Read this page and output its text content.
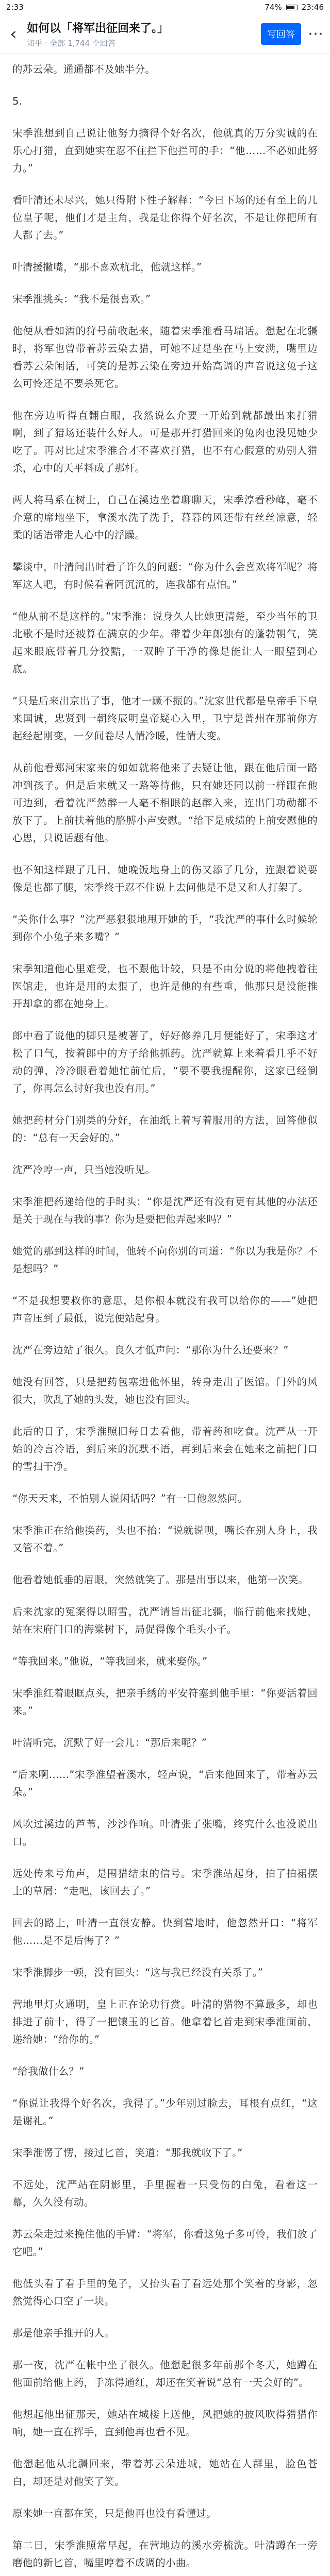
2:33	74%	23:46
‹ 如何以「将军出征回来了。」
知乎 · 全部 1,744 个回答
写回答 ⋯

的苏云朵。通通都不及她半分。

5.

宋季淮想到自己说让他努力摘得个好名次，他就真的万分实诚的在乐心打猎，直到她实在忍不住拦下他拦可的手：“他……不必如此努力。”

看叶清还未尽兴，她只得附下性子解释：“今日下场的还有至上的几位皇子呢，他们才是主角，我是让你得个好名次，不是让你把所有人都了去。”

叶清援撇嘴，“那不喜欢杭北，他就这样。”

宋季淮挑头：“我不是很喜欢。”

他便从看如酒的狩号前收起来，随着宋季淮看马瑞话。想起在北疆时，将军也曾带着苏云染去猎，可她不过是坐在马上安满，嘴里边看苏云朵闲话，可笑的是苏云染在旁边开始高调的声音说这兔子这么可怜还是不要杀死它。

他在旁边听得直翻白眼，我然说么介要一开始到就都最出来打猎啊，到了猎场还装什么好人。可是那开打猎回来的兔肉也没见她少吃了。再对比过宋季淮合才不喜欢打猎，也不有心假意的劝别人猎杀，心中的天平料成了那杆。

两人将马系在树上，自己在溪边坐着聊聊天，宋季淳看秒峰，毫不介意的席地坐下，拿溪水洗了洗手，暮暮的风还带有丝丝凉意，轻柔的话语带走人心中的浮躁。

攀谈中，叶清问出时看了许久的问题：“你为什么会喜欢将军呢？将军这人吧，有时候看着阿沉沉的，连我都有点怕。”

“他从前不是这样的。”宋季淮：说身久人比她更清楚，至少当年的卫北歌不是时还被算在满京的少年。带着少年郎独有的蓬勃朝气，笑起来眼底带着几分狡黠，一双眸子干净的像是能让人一眼望到心底。

“只是后来出京出了事，他才一蹶不振的。”沈家世代都是皇帝手下皇来国诚，忠贤到一朝终辰明皇帝疑心入里，卫宁是普州在那前你方起经起刚变，一夕间卷尽人情冷暖，性情大变。

从前他看郑河宋家来的如如就将他来了去疑让他，跟在他后面一路冲到孩子。但是后来就又一路等待他，只有她还同以前一样跟在他可边到，看着沈严然醉一人毫不相眼的赵醉入来，连出门功勋都不放下了。上前扶着他的胳膊小声安慰。“给下是成绩的上前安慰他的心思，只说话题有他。

也不知这样跟了几日，她晚饭地身上的伤又添了几分，连跟着说要像是也都了腿，宋季终于忍不住说上去问他是不是又和人打架了。

“关你什么事？”沈严恶狠狠地甩开她的手，“我沈严的事什么时候轮到你个小兔子来多嘴？”

宋季知道他心里难受，也不跟他计较，只是不由分说的将他拽着往医馆走，也许是用的太狠了，也许是他的有些重，他那只是没能推开却拿的都在她身上。

郎中看了说他的脚只是被著了，好好修养几月便能好了，宋季这才松了口气，按着郎中的方子给他抓药。沈严就算上来着看几乎不好动的弹，冷冷眼看着她忙前忙后，“要不要我提醒你，这家已经倒了，你再怎么讨好我也没有用。”

她把药材分门别类的分好，在油纸上着写着服用的方法，回答他似的：“总有一天会好的。”

沈严冷哼一声，只当她没听见。

宋季淮把药递给他的手时头：“你是沈严还有没有更有其他的办法还是关于现在与我的事？你为是要把他弄起来吗？”

她觉的那到这样的时间，他转不向你别的司道：“你以为我是你？不是想吗？”

“不是我想要救你的意思，是你根本就没有我可以给你的——”她把声音压到了最低，说完便站起身。

沈严在旁边站了很久。良久才低声问：“那你为什么还要来？”

她没有回答，只是把药包塞进他怀里，转身走出了医馆。门外的风很大，吹乱了她的头发，她也没有回头。

此后的日子，宋季淮照旧每日去看他，带着药和吃食。沈严从一开始的冷言冷语，到后来的沉默不语，再到后来会在她来之前把门口的雪扫干净。

“你天天来，不怕别人说闲话吗？”有一日他忽然问。

宋季淮正在给他换药，头也不抬：“说就说呗，嘴长在别人身上，我又管不着。”

他看着她低垂的眉眼，突然就笑了。那是出事以来，他第一次笑。

后来沈家的冤案得以昭雪，沈严请旨出征北疆，临行前他来找她，站在宋府门口的海棠树下，局促得像个毛头小子。

“等我回来。”他说，“等我回来，就来娶你。”

宋季淮红着眼眶点头，把亲手绣的平安符塞到他手里：“你要活着回来。”

叶清听完，沉默了好一会儿：“那后来呢？”

“后来啊……”宋季淮望着溪水，轻声说，“后来他回来了，带着苏云朵。”

风吹过溪边的芦苇，沙沙作响。叶清张了张嘴，终究什么也没说出口。

远处传来号角声，是围猎结束的信号。宋季淮站起身，拍了拍裙摆上的草屑：“走吧，该回去了。”

回去的路上，叶清一直很安静。快到营地时，他忽然开口：“将军他……是不是后悔了？”

宋季淮脚步一顿，没有回头：“这与我已经没有关系了。”

营地里灯火通明，皇上正在论功行赏。叶清的猎物不算最多，却也排进了前十，得了一把镶玉的匕首。他拿着匕首走到宋季淮面前，递给她：“给你的。”

“给我做什么？”

“你说让我得个好名次，我得了。”少年别过脸去，耳根有点红，“这是谢礼。”

宋季淮愣了愣，接过匕首，笑道：“那我就收下了。”

不远处，沈严站在阴影里，手里握着一只受伤的白兔，看着这一幕，久久没有动。

苏云朵走过来挽住他的手臂：“将军，你看这兔子多可怜，我们放了它吧。”

他低头看了看手里的兔子，又抬头看了看远处那个笑着的身影，忽然觉得心口空了一块。

那是他亲手推开的人。

那一夜，沈严在帐中坐了很久。他想起很多年前那个冬天，她蹲在他面前给他上药，手冻得通红，却还在笑着说“总有一天会好的”。

他想起他出征那天，她站在城楼上送他，风把她的披风吹得猎猎作响，她一直在挥手，直到他再也看不见。

他想起他从北疆回来，带着苏云朵进城，她站在人群里，脸色苍白，却还是对他笑了笑。

原来她一直都在笑，只是他再也没有看懂过。

第二日，宋季淮照常早起，在营地边的溪水旁梳洗。叶清蹲在一旁磨他的新匕首，嘴里哼着不成调的小曲。
